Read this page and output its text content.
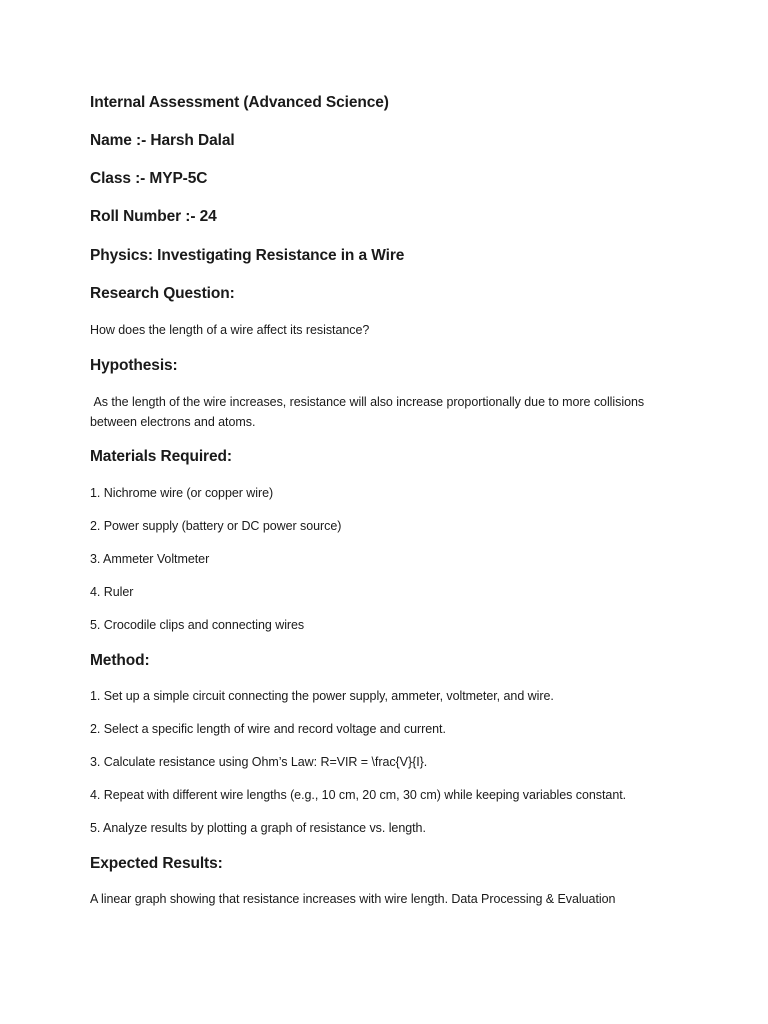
Internal Assessment (Advanced Science)
Name :- Harsh Dalal
Class :- MYP-5C
Roll Number :- 24
Physics: Investigating Resistance in a Wire
Research Question:
How does the length of a wire affect its resistance?
Hypothesis:
As the length of the wire increases, resistance will also increase proportionally due to more collisions between electrons and atoms.
Materials Required:
1. Nichrome wire (or copper wire)
2. Power supply (battery or DC power source)
3. Ammeter Voltmeter
4. Ruler
5. Crocodile clips and connecting wires
Method:
1. Set up a simple circuit connecting the power supply, ammeter, voltmeter, and wire.
2. Select a specific length of wire and record voltage and current.
3. Calculate resistance using Ohm’s Law: R=VIR = \frac{V}{I}.
4. Repeat with different wire lengths (e.g., 10 cm, 20 cm, 30 cm) while keeping variables constant.
5. Analyze results by plotting a graph of resistance vs. length.
Expected Results:
A linear graph showing that resistance increases with wire length. Data Processing & Evaluation
